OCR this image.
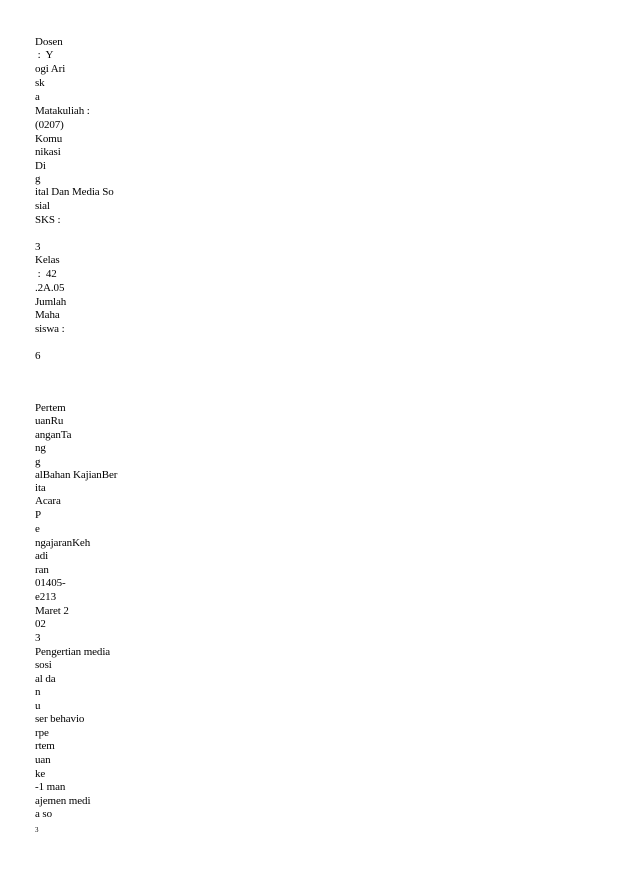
Dosen
:  Y
ogi Ari
sk
a
Matakuliah :
(0207)
Komu
nikasi
Di
g
ital Dan Media So
sial
SKS :
3
Kelas
:  42
.2A.05
Jumlah
Maha
siswa :
6
Pertem
uanRu
anganTa
ng
g
alBahan KajianBer
ita
Acara
P
e
ngajaranKeh
adi
ran
01405-
e213
Maret 2
02
3
Pengertian media
sosi
al da
n
u
ser behavio
rpe
rtem
uan
ke
-1 man
ajemen medi
a so
3
